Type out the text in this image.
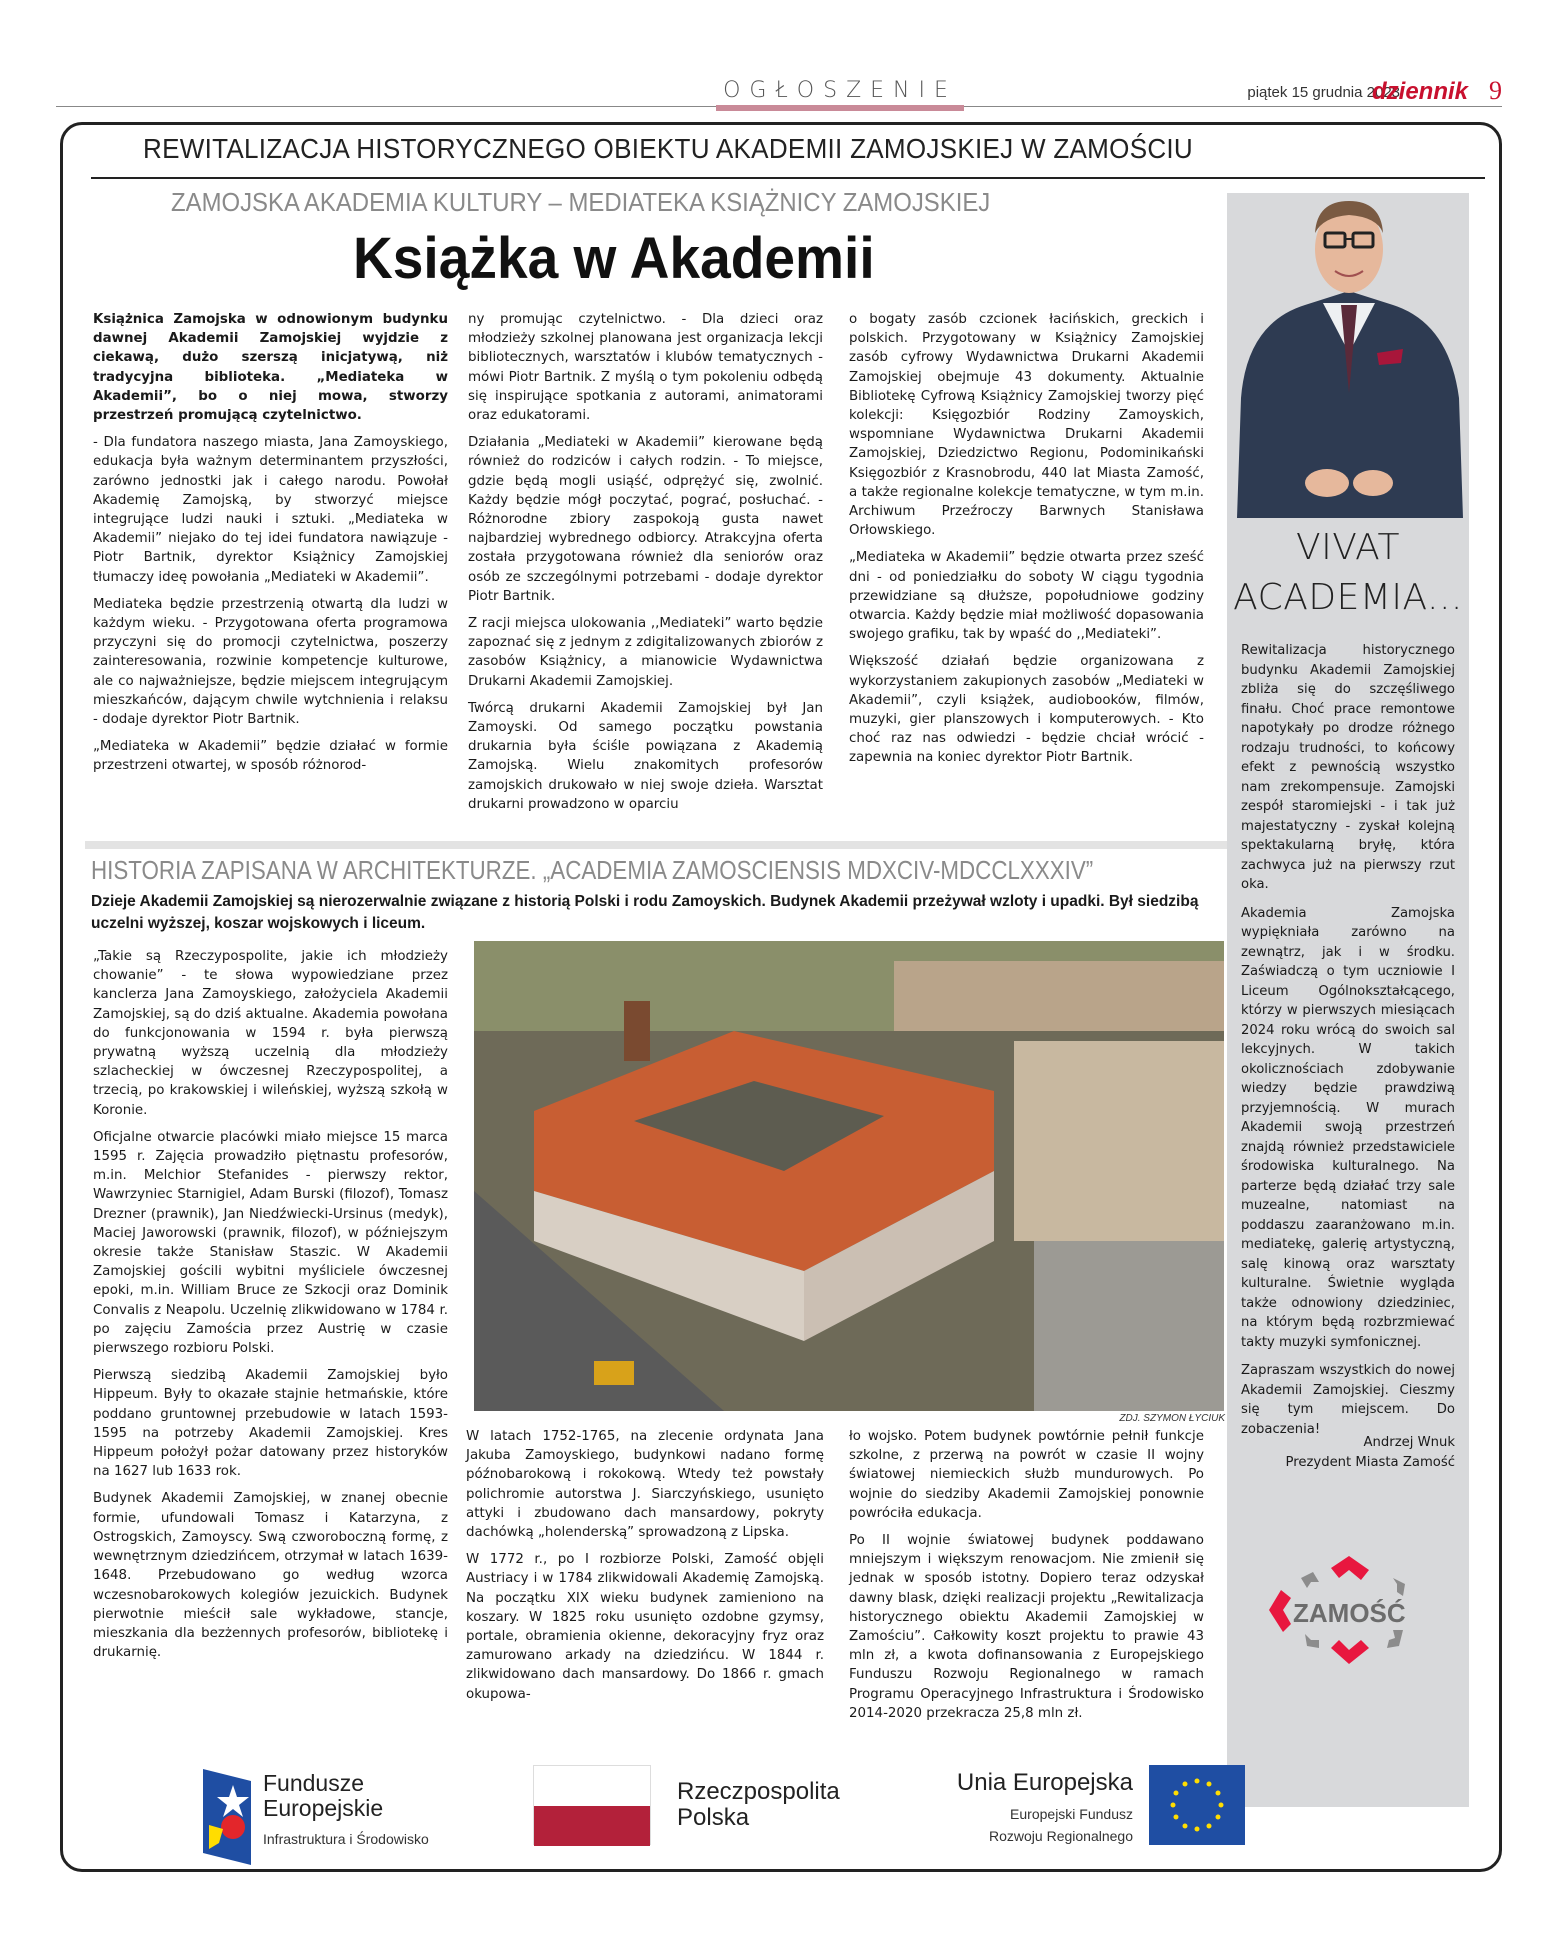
OGŁOSZENIE	piątek 15 grudnia 2023
dziennik 9
REWITALIZACJA HISTORYCZNEGO OBIEKTU AKADEMII ZAMOJSKIEJ W ZAMOŚCIU
ZAMOJSKA AKADEMIA KULTURY – MEDIATEKA KSIĄŻNICY ZAMOJSKIEJ
Książka w Akademii

Książnica Zamojska w odnowionym budynku dawnej Akademii Zamojskiej wyjdzie z ciekawą, dużo szerszą inicjatywą, niż tradycyjna biblioteka. „Mediateka w Akademii”, bo o niej mowa, stworzy przestrzeń promującą czytelnictwo.

- Dla fundatora naszego miasta, Jana Zamoyskiego, edukacja była ważnym determinantem przyszłości, zarówno jednostki jak i całego narodu. Powołał Akademię Zamojską, by stworzyć miejsce integrujące ludzi nauki i sztuki. „Mediateka w Akademii” niejako do tej idei fundatora nawiązuje - Piotr Bartnik, dyrektor Książnicy Zamojskiej tłumaczy ideę powołania „Mediateki w Akademii”.

Mediateka będzie przestrzenią otwartą dla ludzi w każdym wieku. - Przygotowana oferta programowa przyczyni się do promocji czytelnictwa, poszerzy zainteresowania, rozwinie kompetencje kulturowe, ale co najważniejsze, będzie miejscem integrującym mieszkańców, dającym chwile wytchnienia i relaksu - dodaje dyrektor Piotr Bartnik.

„Mediateka w Akademii” będzie działać w formie przestrzeni otwartej, w sposób różnorod-

ny promując czytelnictwo. - Dla dzieci oraz młodzieży szkolnej planowana jest organizacja lekcji bibliotecznych, warsztatów i klubów tematycznych - mówi Piotr Bartnik. Z myślą o tym pokoleniu odbędą się inspirujące spotkania z autorami, animatorami oraz edukatorami.

Działania „Mediateki w Akademii” kierowane będą również do rodziców i całych rodzin. - To miejsce, gdzie będą mogli usiąść, odprężyć się, zwolnić. Każdy będzie mógł poczytać, pograć, posłuchać. - Różnorodne zbiory zaspokoją gusta nawet najbardziej wybrednego odbiorcy. Atrakcyjna oferta została przygotowana również dla seniorów oraz osób ze szczególnymi potrzebami - dodaje dyrektor Piotr Bartnik.

Z racji miejsca ulokowania ,,Mediateki” warto będzie zapoznać się z jednym z zdigitalizowanych zbiorów z zasobów Książnicy, a mianowicie Wydawnictwa Drukarni Akademii Zamojskiej.

Twórcą drukarni Akademii Zamojskiej był Jan Zamoyski. Od samego początku powstania drukarnia była ściśle powiązana z Akademią Zamojską. Wielu znakomitych profesorów zamojskich drukowało w niej swoje dzieła. Warsztat drukarni prowadzono w oparciu

o bogaty zasób czcionek łacińskich, greckich i polskich. Przygotowany w Książnicy Zamojskiej zasób cyfrowy Wydawnictwa Drukarni Akademii Zamojskiej obejmuje 43 dokumenty. Aktualnie Bibliotekę Cyfrową Książnicy Zamojskiej tworzy pięć kolekcji: Księgozbiór Rodziny Zamoyskich, wspomniane Wydawnictwa Drukarni Akademii Zamojskiej, Dziedzictwo Regionu, Podominikański Księgozbiór z Krasnobrodu, 440 lat Miasta Zamość, a także regionalne kolekcje tematyczne, w tym m.in. Archiwum Przeźroczy Barwnych Stanisława Orłowskiego.

„Mediateka w Akademii” będzie otwarta przez sześć dni - od poniedziałku do soboty W ciągu tygodnia przewidziane są dłuższe, popołudniowe godziny otwarcia. Każdy będzie miał możliwość dopasowania swojego grafiku, tak by wpaść do ,,Mediateki”.

Większość działań będzie organizowana z wykorzystaniem zakupionych zasobów „Mediateki w Akademii”, czyli książek, audiobooków, filmów, muzyki, gier planszowych i komputerowych. - Kto choć raz nas odwiedzi - będzie chciał wrócić - zapewnia na koniec dyrektor Piotr Bartnik.

VIVAT
ACADEMIA...

Rewitalizacja historycznego budynku Akademii Zamojskiej zbliża się do szczęśliwego finału. Choć prace remontowe napotykały po drodze różnego rodzaju trudności, to końcowy efekt z pewnością wszystko nam zrekompensuje. Zamojski zespół staromiejski - i tak już majestatyczny - zyskał kolejną spektakularną bryłę, która zachwyca już na pierwszy rzut oka.

Akademia Zamojska wypiękniała zarówno na zewnątrz, jak i w środku. Zaświadczą o tym uczniowie I Liceum Ogólnokształcącego, którzy w pierwszych miesiącach 2024 roku wrócą do swoich sal lekcyjnych. W takich okolicznościach zdobywanie wiedzy będzie prawdziwą przyjemnością. W murach Akademii swoją przestrzeń znajdą również przedstawiciele środowiska kulturalnego. Na parterze będą działać trzy sale muzealne, natomiast na poddaszu zaaranżowano m.in. mediatekę, galerię artystyczną, salę kinową oraz warsztaty kulturalne. Świetnie wygląda także odnowiony dziedziniec, na którym będą rozbrzmiewać takty muzyki symfonicznej.

Zapraszam wszystkich do nowej Akademii Zamojskiej. Cieszmy się tym miejscem. Do zobaczenia!

Andrzej Wnuk
Prezydent Miasta Zamość
ZAMOŚĆ
HISTORIA ZAPISANA W ARCHITEKTURZE. „ACADEMIA ZAMOSCIENSIS MDXCIV-MDCCLXXXIV”
Dzieje Akademii Zamojskiej są nierozerwalnie związane z historią Polski i rodu Zamoyskich. Budynek Akademii przeżywał wzloty i upadki. Był siedzibą uczelni wyższej, koszar wojskowych i liceum.

„Takie są Rzeczypospolite, jakie ich młodzieży chowanie” - te słowa wypowiedziane przez kanclerza Jana Zamoyskiego, założyciela Akademii Zamojskiej, są do dziś aktualne. Akademia powołana do funkcjonowania w 1594 r. była pierwszą prywatną wyższą uczelnią dla młodzieży szlacheckiej w ówczesnej Rzeczypospolitej, a trzecią, po krakowskiej i wileńskiej, wyższą szkołą w Koronie.

Oficjalne otwarcie placówki miało miejsce 15 marca 1595 r. Zajęcia prowadziło piętnastu profesorów, m.in. Melchior Stefanides - pierwszy rektor, Wawrzyniec Starnigiel, Adam Burski (filozof), Tomasz Drezner (prawnik), Jan Niedźwiecki-Ursinus (medyk), Maciej Jaworowski (prawnik, filozof), w późniejszym okresie także Stanisław Staszic. W Akademii Zamojskiej gościli wybitni myśliciele ówczesnej epoki, m.in. William Bruce ze Szkocji oraz Dominik Convalis z Neapolu. Uczelnię zlikwidowano w 1784 r. po zajęciu Zamościa przez Austrię w czasie pierwszego rozbioru Polski.

Pierwszą siedzibą Akademii Zamojskiej było Hippeum. Były to okazałe stajnie hetmańskie, które poddano gruntownej przebudowie w latach 1593-1595 na potrzeby Akademii Zamojskiej. Kres Hippeum położył pożar datowany przez historyków na 1627 lub 1633 rok.

Budynek Akademii Zamojskiej, w znanej obecnie formie, ufundowali Tomasz i Katarzyna, z Ostrogskich, Zamoyscy. Swą czworoboczną formę, z wewnętrznym dziedzińcem, otrzymał w latach 1639-1648. Przebudowano go według wzorca wczesnobarokowych kolegiów jezuickich. Budynek pierwotnie mieścił sale wykładowe, stancje, mieszkania dla bezżennych profesorów, bibliotekę i drukarnię.

ZDJ. SZYMON ŁYCIUK

W latach 1752-1765, na zlecenie ordynata Jana Jakuba Zamoyskiego, budynkowi nadano formę późnobarokową i rokokową. Wtedy też powstały polichromie autorstwa J. Siarczyńskiego, usunięto attyki i zbudowano dach mansardowy, pokryty dachówką „holenderską” sprowadzoną z Lipska.

W 1772 r., po I rozbiorze Polski, Zamość objęli Austriacy i w 1784 zlikwidowali Akademię Zamojską. Na początku XIX wieku budynek zamieniono na koszary. W 1825 roku usunięto ozdobne gzymsy, portale, obramienia okienne, dekoracyjny fryz oraz zamurowano arkady na dziedzińcu. W 1844 r. zlikwidowano dach mansardowy. Do 1866 r. gmach okupowa-

ło wojsko. Potem budynek powtórnie pełnił funkcje szkolne, z przerwą na powrót w czasie II wojny światowej niemieckich służb mundurowych. Po wojnie do siedziby Akademii Zamojskiej ponownie powróciła edukacja.

Po II wojnie światowej budynek poddawano mniejszym i większym renowacjom. Nie zmienił się jednak w sposób istotny. Dopiero teraz odzyskał dawny blask, dzięki realizacji projektu „Rewitalizacja historycznego obiektu Akademii Zamojskiej w Zamościu”. Całkowity koszt projektu to prawie 43 mln zł, a kwota dofinansowania z Europejskiego Funduszu Rozwoju Regionalnego w ramach Programu Operacyjnego Infrastruktura i Środowisko 2014-2020 przekracza 25,8 mln zł.

Fundusze
Europejskie
Infrastruktura i Środowisko
Rzeczpospolita
Polska
Unia Europejska
Europejski Fundusz
Rozwoju Regionalnego
